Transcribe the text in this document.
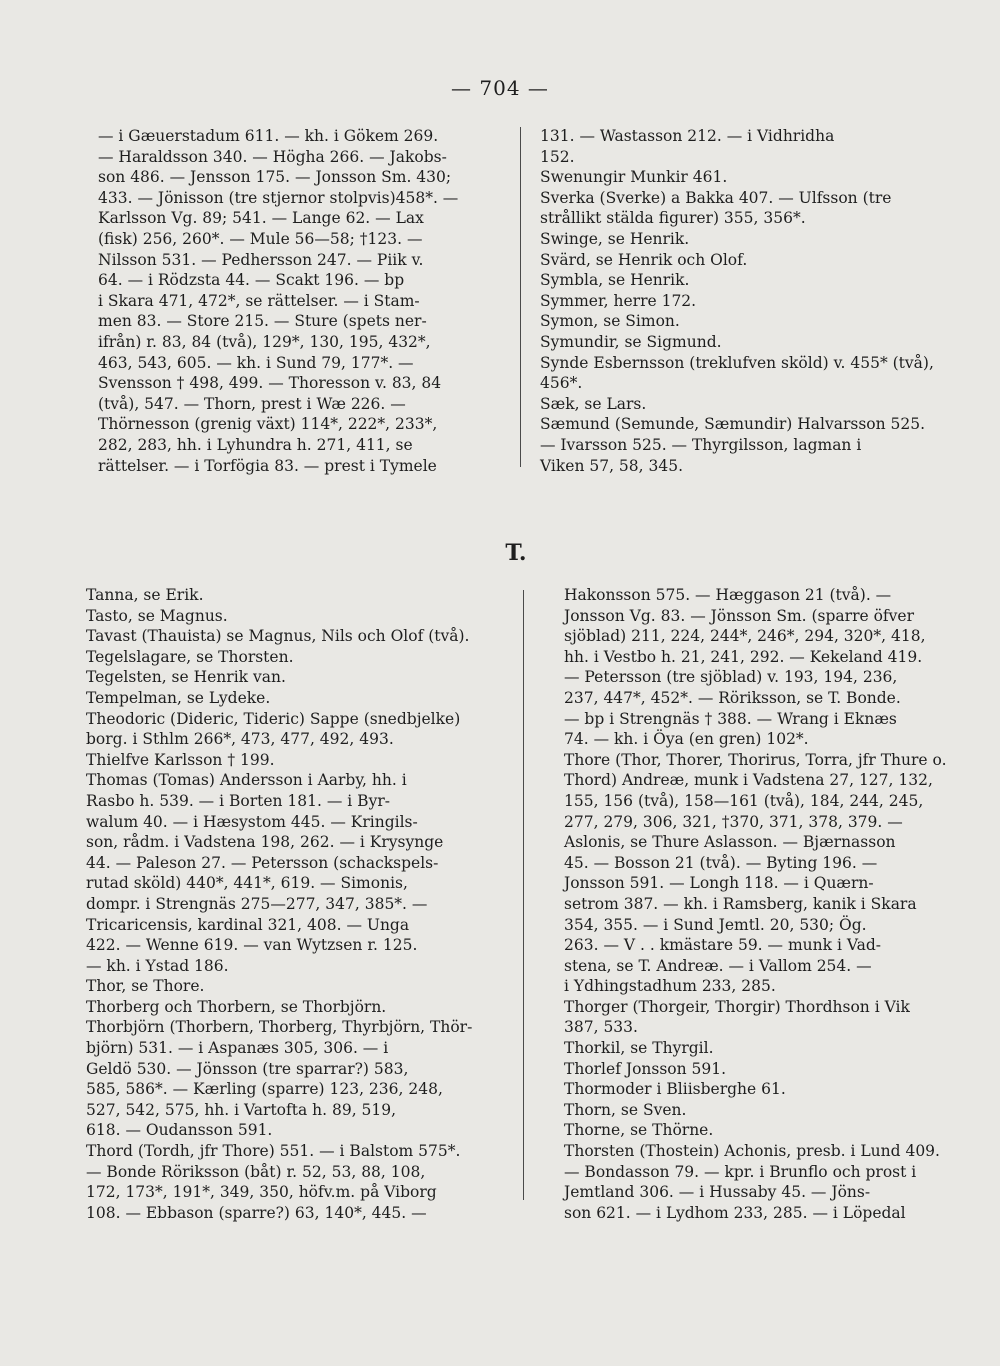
— 704 —
— i Gæuerstadum 611. — kh. i Gökem 269.
— Haraldsson 340. — Högha 266. — Jakobs-
son 486. — Jensson 175. — Jonsson Sm. 430;
433. — Jönisson (tre stjernor stolpvis)458*. —
Karlsson Vg. 89; 541. — Lange 62. — Lax
(fisk) 256, 260*. — Mule 56—58; †123. —
Nilsson 531. — Pedhersson 247. — Piik v.
64. — i Rödzsta 44. — Scakt 196. — bp
i Skara 471, 472*, se rättelser. — i Stam-
men 83. — Store 215. — Sture (spets ner-
ifrån) r. 83, 84 (två), 129*, 130, 195, 432*,
463, 543, 605. — kh. i Sund 79, 177*. —
Svensson † 498, 499. — Thoresson v. 83, 84
(två), 547. — Thorn, prest i Wæ 226. —
Thörnesson (grenig växt) 114*, 222*, 233*,
282, 283, hh. i Lyhundra h. 271, 411, se
rättelser. — i Torfögia 83. — prest i Tymele
131. — Wastasson 212. — i Vidhridha
152.
Swenungir Munkir 461.
Sverka (Sverke) a Bakka 407. — Ulfsson (tre
strållikt stälda figurer) 355, 356*.
Swinge, se Henrik.
Svärd, se Henrik och Olof.
Symbla, se Henrik.
Symmer, herre 172.
Symon, se Simon.
Symundir, se Sigmund.
Synde Esbernsson (treklufven sköld) v. 455* (två),
456*.
Sæk, se Lars.
Sæmund (Semunde, Sæmundir) Halvarsson 525.
— Ivarsson 525. — Thyrgilsson, lagman i
Viken 57, 58, 345.
T.
Tanna, se Erik.
Tasto, se Magnus.
Tavast (Thauista) se Magnus, Nils och Olof (två).
Tegelslagare, se Thorsten.
Tegelsten, se Henrik van.
Tempelman, se Lydeke.
Theodoric (Dideric, Tideric) Sappe (snedbjelke)
borg. i Sthlm 266*, 473, 477, 492, 493.
Thielfve Karlsson † 199.
Thomas (Tomas) Andersson i Aarby, hh. i
Rasbo h. 539. — i Borten 181. — i Byr-
walum 40. — i Hæsystom 445. — Kringils-
son, rådm. i Vadstena 198, 262. — i Krysynge
44. — Paleson 27. — Petersson (schackspels-
rutad sköld) 440*, 441*, 619. — Simonis,
dompr. i Strengnäs 275—277, 347, 385*. —
Tricaricensis, kardinal 321, 408. — Unga
422. — Wenne 619. — van Wytzsen r. 125.
— kh. i Ystad 186.
Thor, se Thore.
Thorberg och Thorbern, se Thorbjörn.
Thorbjörn (Thorbern, Thorberg, Thyrbjörn, Thör-
björn) 531. — i Aspanæs 305, 306. — i
Geldö 530. — Jönsson (tre sparrar?) 583,
585, 586*. — Kærling (sparre) 123, 236, 248,
527, 542, 575, hh. i Vartofta h. 89, 519,
618. — Oudansson 591.
Thord (Tordh, jfr Thore) 551. — i Balstom 575*.
— Bonde Röriksson (båt) r. 52, 53, 88, 108,
172, 173*, 191*, 349, 350, höfv.m. på Viborg
108. — Ebbason (sparre?) 63, 140*, 445. —
Hakonsson 575. — Hæggason 21 (två). —
Jonsson Vg. 83. — Jönsson Sm. (sparre öfver
sjöblad) 211, 224, 244*, 246*, 294, 320*, 418,
hh. i Vestbo h. 21, 241, 292. — Kekeland 419.
— Petersson (tre sjöblad) v. 193, 194, 236,
237, 447*, 452*. — Röriksson, se T. Bonde.
— bp i Strengnäs † 388. — Wrang i Eknæs
74. — kh. i Öya (en gren) 102*.
Thore (Thor, Thorer, Thorirus, Torra, jfr Thure o.
Thord) Andreæ, munk i Vadstena 27, 127, 132,
155, 156 (två), 158—161 (två), 184, 244, 245,
277, 279, 306, 321, †370, 371, 378, 379. —
Aslonis, se Thure Aslasson. — Bjærnasson
45. — Bosson 21 (två). — Byting 196. —
Jonsson 591. — Longh 118. — i Quærn-
setrom 387. — kh. i Ramsberg, kanik i Skara
354, 355. — i Sund Jemtl. 20, 530; Ög.
263. — V . . kmästare 59. — munk i Vad-
stena, se T. Andreæ. — i Vallom 254. —
i Ydhingstadhum 233, 285.
Thorger (Thorgeir, Thorgir) Thordhson i Vik
387, 533.
Thorkil, se Thyrgil.
Thorlef Jonsson 591.
Thormoder i Bliisberghe 61.
Thorn, se Sven.
Thorne, se Thörne.
Thorsten (Thostein) Achonis, presb. i Lund 409.
— Bondasson 79. — kpr. i Brunflo och prost i
Jemtland 306. — i Hussaby 45. — Jöns-
son 621. — i Lydhom 233, 285. — i Löpedal
